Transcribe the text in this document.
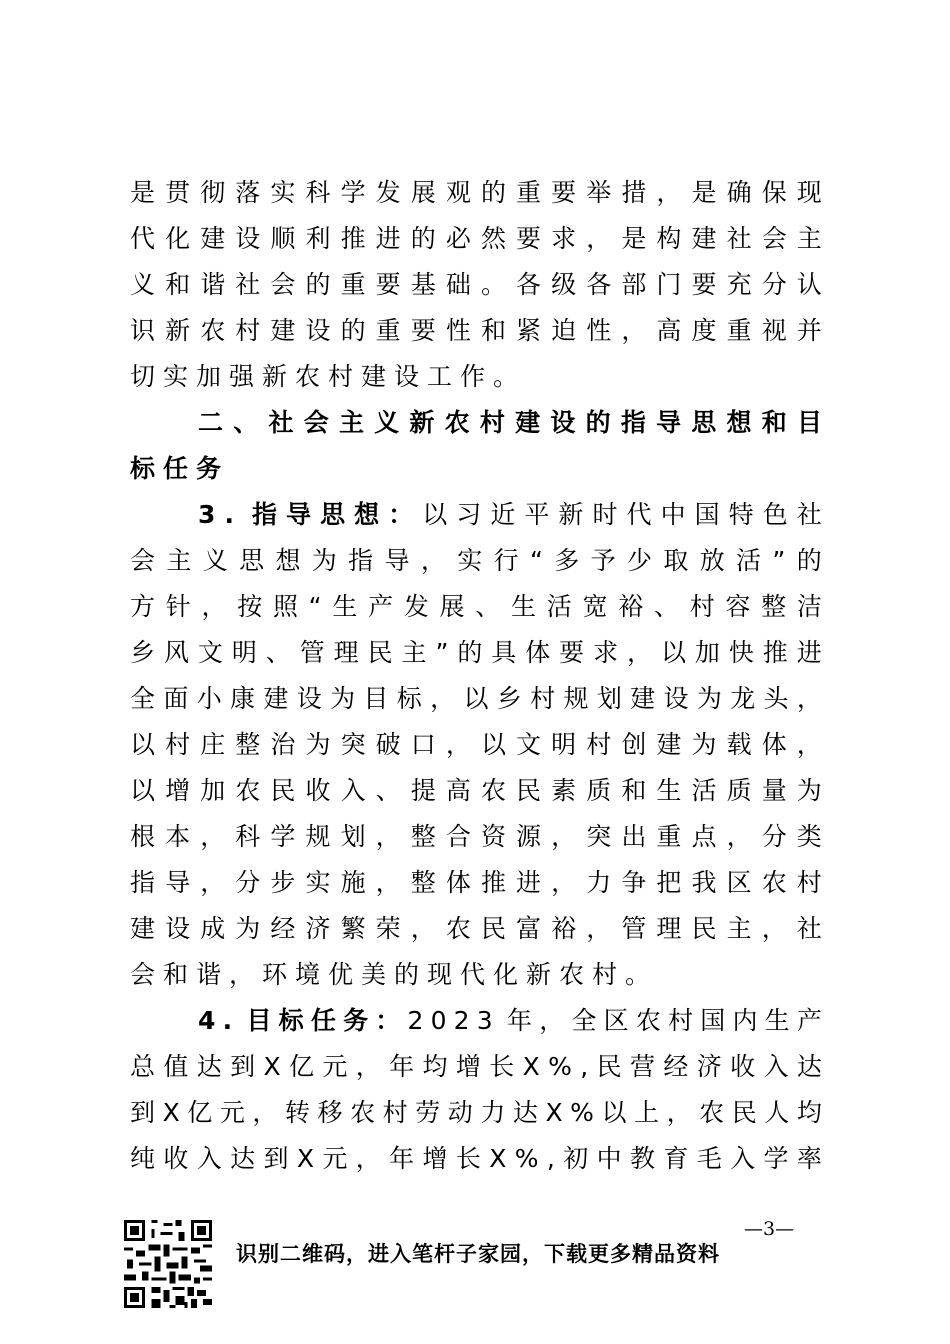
是 贯 彻 落 实 科 学 发 展 观 的 重 要 举 措 ， 是 确 保 现
代 化 建 设 顺 利 推 进 的 必 然 要 求 ， 是 构 建 社 会 主
义 和 谐 社 会 的 重 要 基 础 。 各 级 各 部 门 要 充 分 认
识 新 农 村 建 设 的 重 要 性 和 紧 迫 性 ， 高 度 重 视 并
切实加强新农村建设工作。
二 、 社 会 主 义 新 农 村 建 设 的 指 导 思 想 和 目
标任务
3 . 指 导 思 想 ： 以 习 近 平 新 时 代 中 国 特 色 社
会 主 义 思 想 为 指 导 ， 实 行 “ 多 予 少 取 放 活 ” 的
方 针 ， 按 照 “ 生 产 发 展 、 生 活 宽 裕 、 村 容 整 洁
乡 风 文 明 、 管 理 民 主 ” 的 具 体 要 求 ， 以 加 快 推 进
全 面 小 康 建 设 为 目 标 ， 以 乡 村 规 划 建 设 为 龙 头 ，
以 村 庄 整 治 为 突 破 口 ， 以 文 明 村 创 建 为 载 体 ，
以 增 加 农 民 收 入 、 提 高 农 民 素 质 和 生 活 质 量 为
根 本 ， 科 学 规 划 ， 整 合 资 源 ， 突 出 重 点 ， 分 类
指 导 ， 分 步 实 施 ， 整 体 推 进 ， 力 争 把 我 区 农 村
建 设 成 为 经 济 繁 荣 ， 农 民 富 裕 ， 管 理 民 主 ， 社
会和谐，环境优美的现代化新农村。
4 . 目 标 任 务 ： 2 0 2 3 年 ， 全 区 农 村 国 内 生 产
总 值 达 到 X 亿 元 ， 年 均 增 长 X % , 民 营 经 济 收 入 达
到 X 亿 元 ， 转 移 农 村 劳 动 力 达 X % 以 上 ， 农 民 人 均
纯 收 入 达 到 X 元 ， 年 增 长 X % , 初 中 教 育 毛 入 学 率
识别二维码，进入笔杆子家园，下载更多精品资料
—3—
